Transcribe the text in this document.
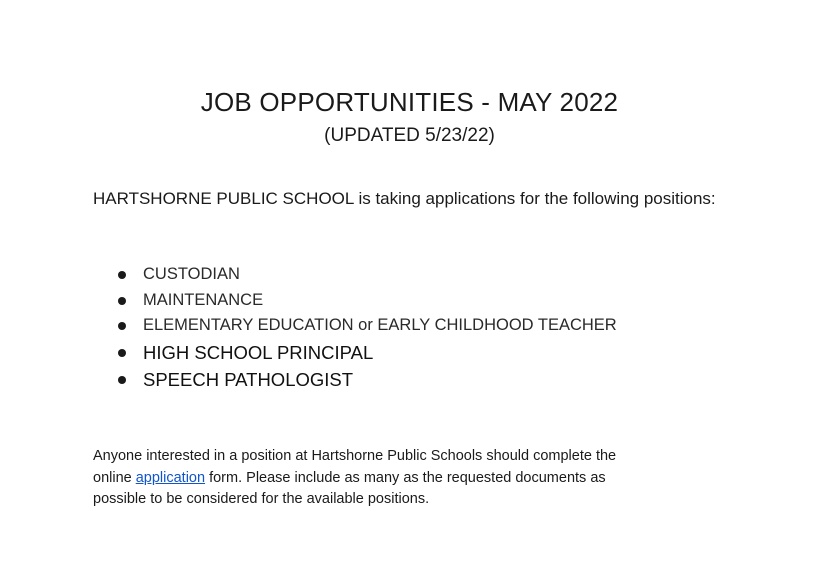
JOB OPPORTUNITIES - MAY 2022
(UPDATED 5/23/22)
HARTSHORNE PUBLIC SCHOOL is taking applications for the following positions:
CUSTODIAN
MAINTENANCE
ELEMENTARY EDUCATION or EARLY CHILDHOOD TEACHER
HIGH SCHOOL PRINCIPAL
SPEECH PATHOLOGIST
Anyone interested in a position at Hartshorne Public Schools should complete the
online application form. Please include as many as the requested documents as
possible to be considered for the available positions.
